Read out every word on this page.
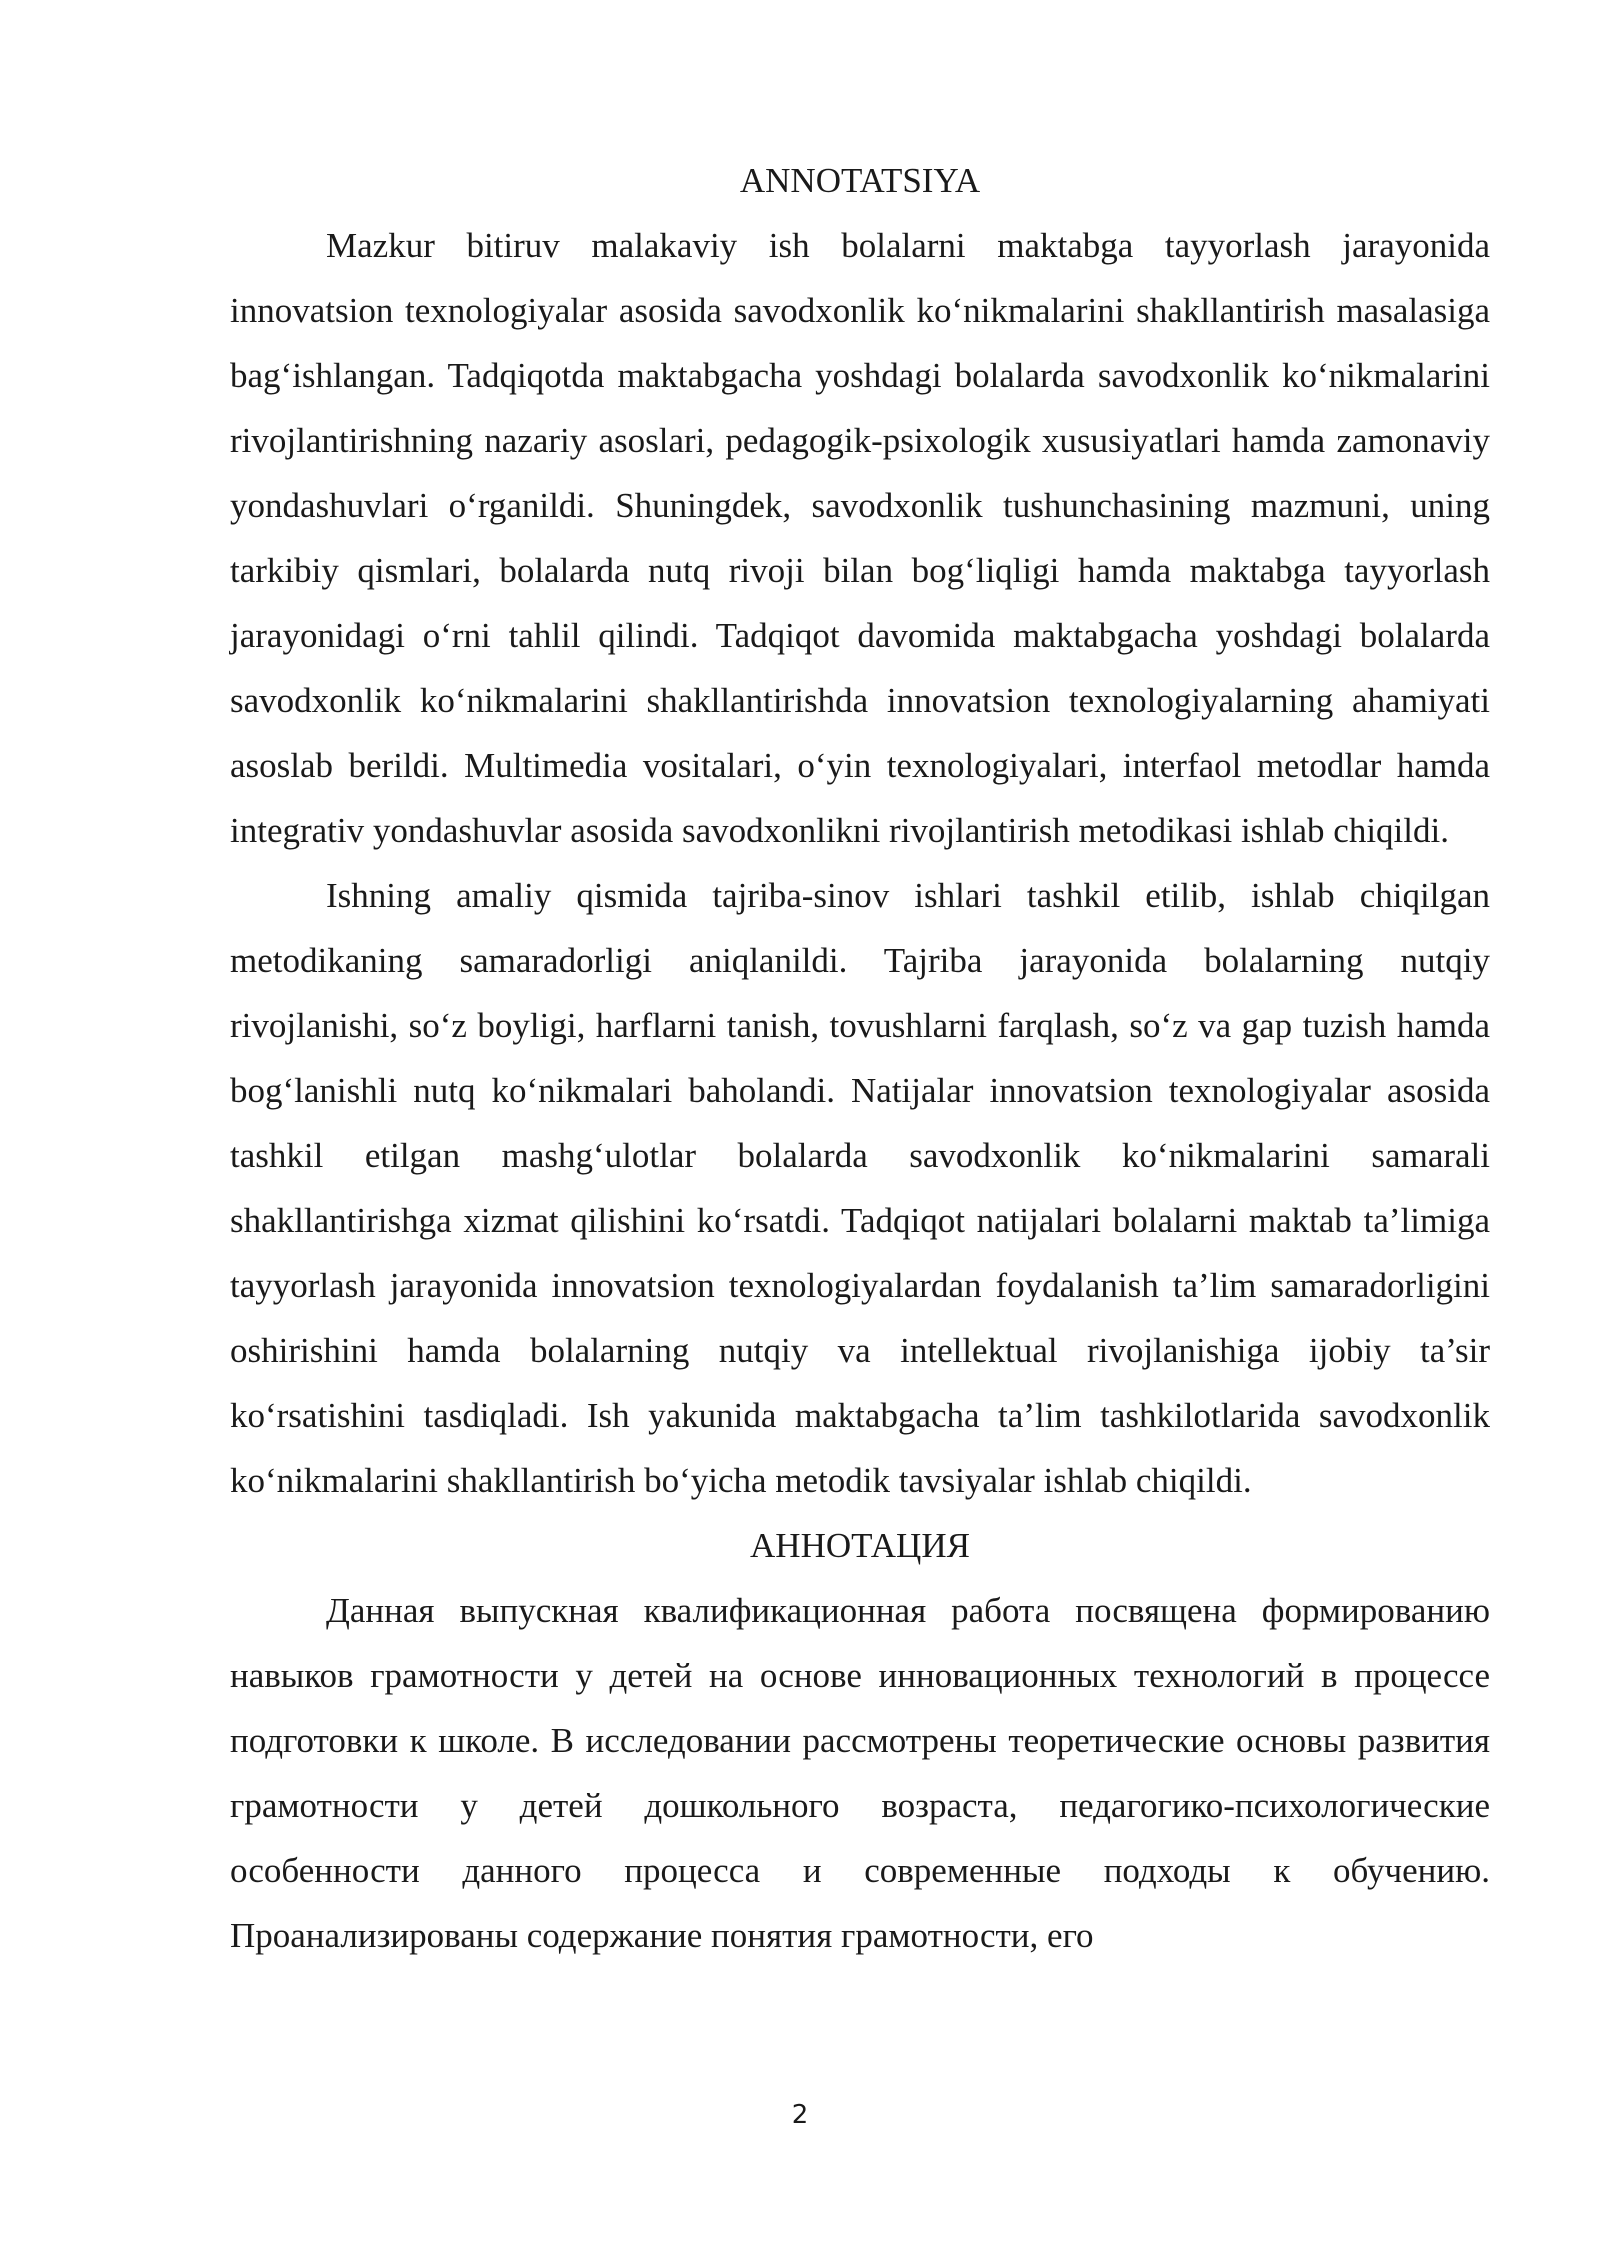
ANNOTATSIYA

Mazkur bitiruv malakaviy ish bolalarni maktabga tayyorlash jarayonida innovatsion texnologiyalar asosida savodxonlik ko‘nikmalarini shakllantirish masalasiga bag‘ishlangan. Tadqiqotda maktabgacha yoshdagi bolalarda savodxonlik ko‘nikmalarini rivojlantirishning nazariy asoslari, pedagogik-psixologik xususiyatlari hamda zamonaviy yondashuvlari o‘rganildi. Shuningdek, savodxonlik tushunchasining mazmuni, uning tarkibiy qismlari, bolalarda nutq rivoji bilan bog‘liqligi hamda maktabga tayyorlash jarayonidagi o‘rni tahlil qilindi. Tadqiqot davomida maktabgacha yoshdagi bolalarda savodxonlik ko‘nikmalarini shakllantirishda innovatsion texnologiyalarning ahamiyati asoslab berildi. Multimedia vositalari, o‘yin texnologiyalari, interfaol metodlar hamda integrativ yondashuvlar asosida savodxonlikni rivojlantirish metodikasi ishlab chiqildi.

Ishning amaliy qismida tajriba-sinov ishlari tashkil etilib, ishlab chiqilgan metodikaning samaradorligi aniqlanildi. Tajriba jarayonida bolalarning nutqiy rivojlanishi, so‘z boyligi, harflarni tanish, tovushlarni farqlash, so‘z va gap tuzish hamda bog‘lanishli nutq ko‘nikmalari baholandi. Natijalar innovatsion texnologiyalar asosida tashkil etilgan mashg‘ulotlar bolalarda savodxonlik ko‘nikmalarini samarali shakllantirishga xizmat qilishini ko‘rsatdi. Tadqiqot natijalari bolalarni maktab ta’limiga tayyorlash jarayonida innovatsion texnologiyalardan foydalanish ta’lim samaradorligini oshirishini hamda bolalarning nutqiy va intellektual rivojlanishiga ijobiy ta’sir ko‘rsatishini tasdiqladi. Ish yakunida maktabgacha ta’lim tashkilotlarida savodxonlik ko‘nikmalarini shakllantirish bo‘yicha metodik tavsiyalar ishlab chiqildi.

АННОТАЦИЯ

Данная выпускная квалификационная работа посвящена формированию навыков грамотности у детей на основе инновационных технологий в процессе подготовки к школе. В исследовании рассмотрены теоретические основы развития грамотности у детей дошкольного возраста, педагогико-психологические особенности данного процесса и современные подходы к обучению. Проанализированы содержание понятия грамотности, его

2
